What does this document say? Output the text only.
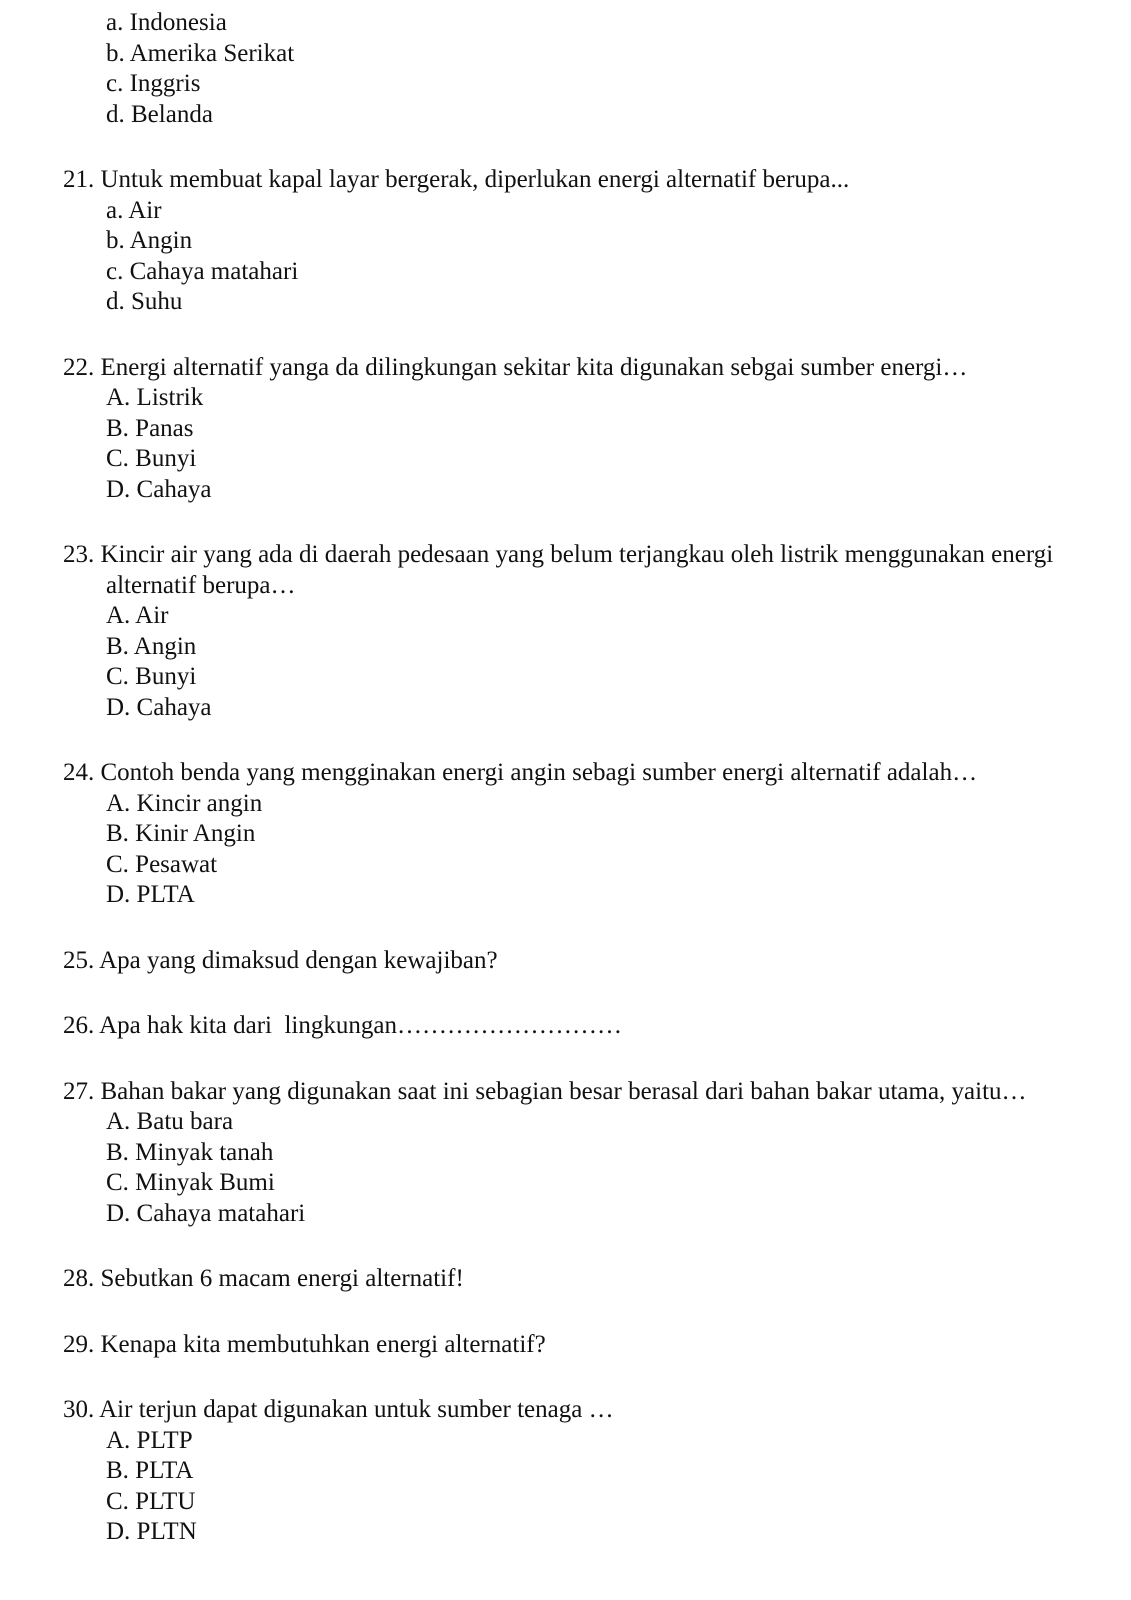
a. Indonesia
b. Amerika Serikat
c. Inggris
d. Belanda
21. Untuk membuat kapal layar bergerak, diperlukan energi alternatif berupa...
a. Air
b. Angin
c. Cahaya matahari
d. Suhu
22. Energi alternatif yanga da dilingkungan sekitar kita digunakan sebgai sumber energi…
A. Listrik
B. Panas
C. Bunyi
D. Cahaya
23. Kincir air yang ada di daerah pedesaan yang belum terjangkau oleh listrik menggunakan energi alternatif berupa…
A. Air
B. Angin
C. Bunyi
D. Cahaya
24. Contoh benda yang mengginakan energi angin sebagi sumber energi alternatif adalah…
A. Kincir angin
B. Kinir Angin
C. Pesawat
D. PLTA
25. Apa yang dimaksud dengan kewajiban?
26. Apa hak kita dari  lingkungan………………………
27. Bahan bakar yang digunakan saat ini sebagian besar berasal dari bahan bakar utama, yaitu…
A. Batu bara
B. Minyak tanah
C. Minyak Bumi
D. Cahaya matahari
28. Sebutkan 6 macam energi alternatif!
29. Kenapa kita membutuhkan energi alternatif?
30. Air terjun dapat digunakan untuk sumber tenaga …
A. PLTP
B. PLTA
C. PLTU
D. PLTN
